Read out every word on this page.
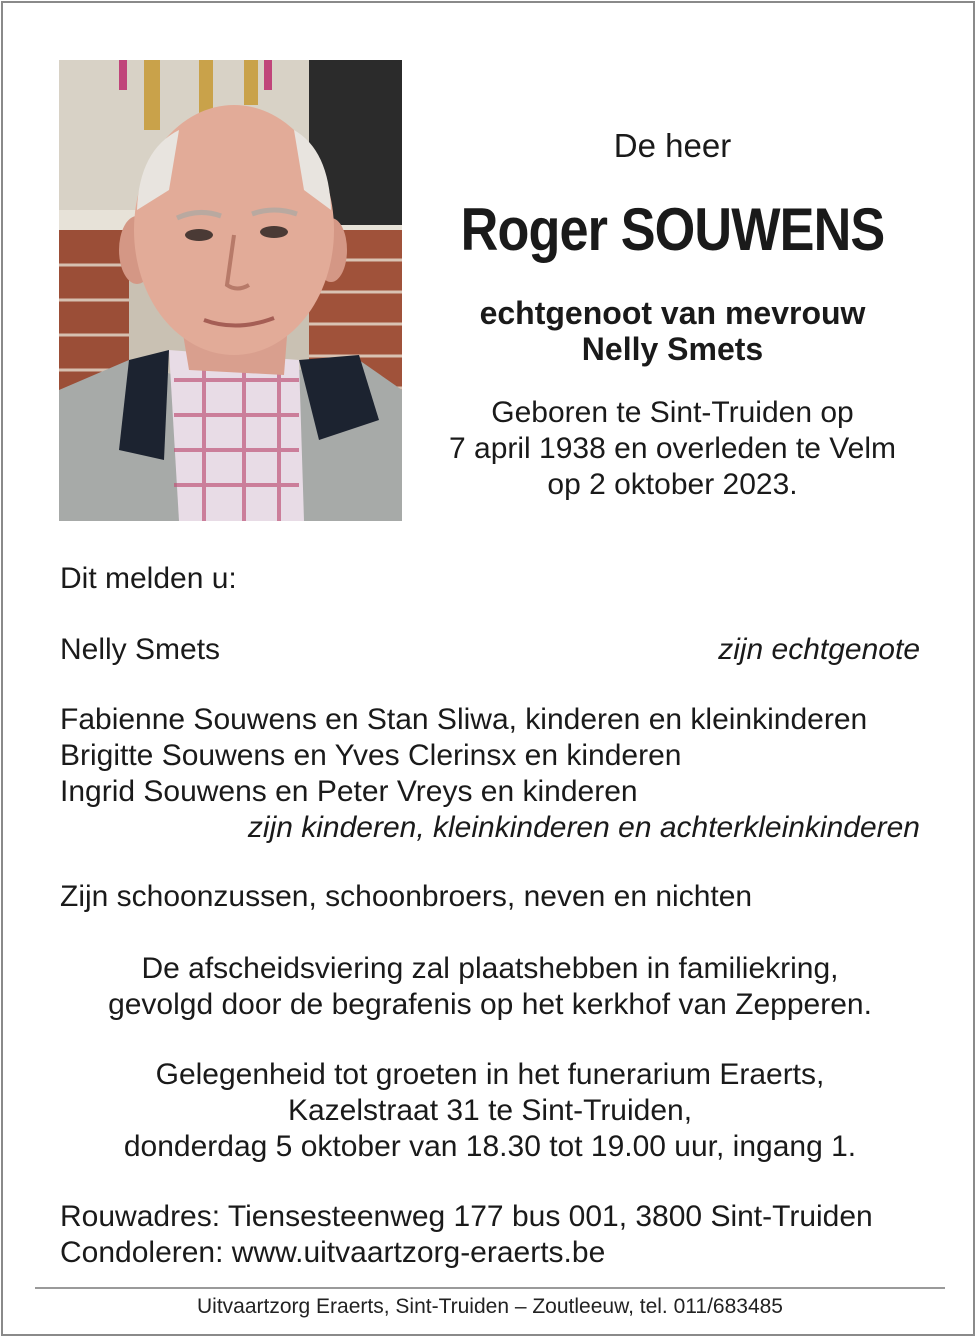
De heer
Roger SOUWENS
echtgenoot van mevrouw
Nelly Smets
Geboren te Sint-Truiden op
7 april 1938 en overleden te Velm
op 2 oktober 2023.
Dit melden u:
Nelly Smets	zijn echtgenote
Fabienne Souwens en Stan Sliwa, kinderen en kleinkinderen
Brigitte Souwens en Yves Clerinsx en kinderen
Ingrid Souwens en Peter Vreys en kinderen
zijn kinderen, kleinkinderen en achterkleinkinderen
Zijn schoonzussen, schoonbroers, neven en nichten
De afscheidsviering zal plaatshebben in familiekring,
gevolgd door de begrafenis op het kerkhof van Zepperen.
Gelegenheid tot groeten in het funerarium Eraerts,
Kazelstraat 31 te Sint-Truiden,
donderdag 5 oktober van 18.30 tot 19.00 uur, ingang 1.
Rouwadres: Tiensesteenweg 177 bus 001, 3800 Sint-Truiden
Condoleren: www.uitvaartzorg-eraerts.be
Uitvaartzorg Eraerts, Sint-Truiden – Zoutleeuw, tel. 011/683485
